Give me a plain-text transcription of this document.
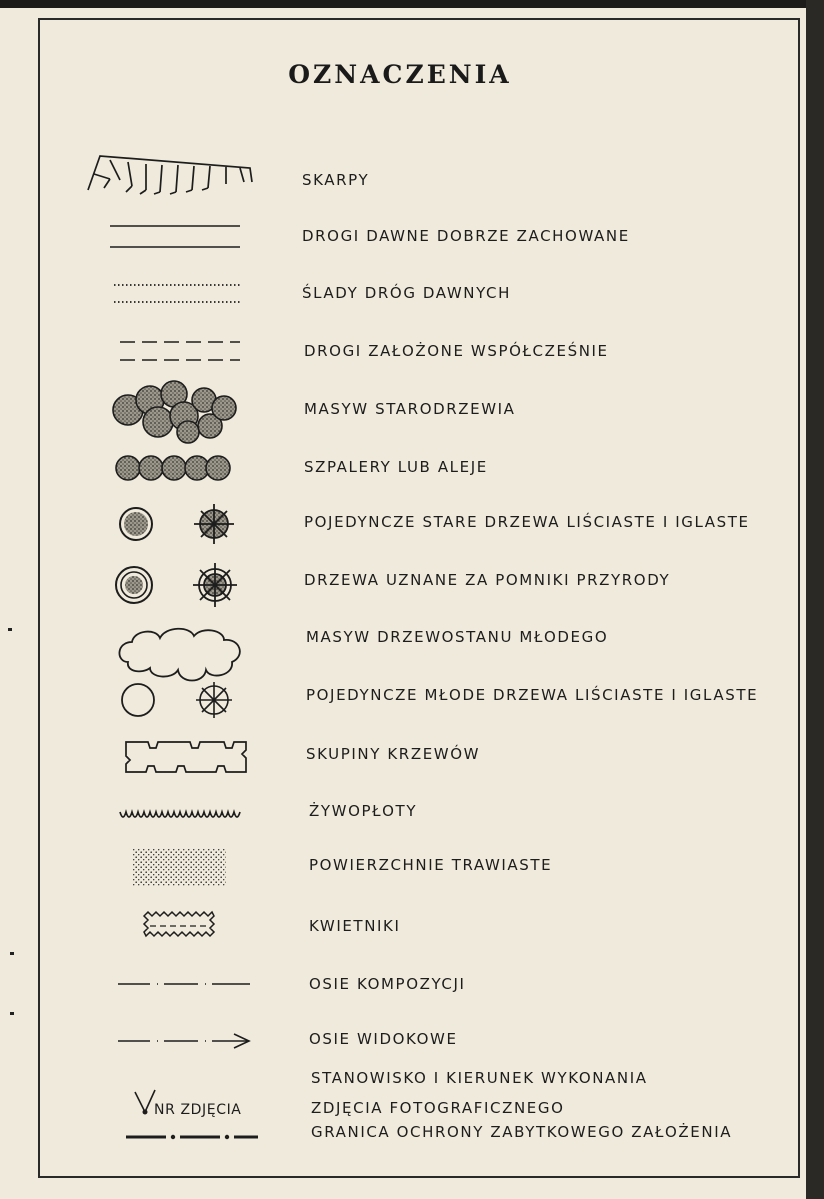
OZNACZENIA
SKARPY
DROGI DAWNE DOBRZE ZACHOWANE
ŚLADY DRÓG DAWNYCH
DROGI ZAŁOŻONE WSPÓŁCZEŚNIE
MASYW STARODRZEWIA
SZPALERY LUB ALEJE
POJEDYNCZE STARE DRZEWA LIŚCIASTE I IGLASTE
DRZEWA UZNANE ZA POMNIKI PRZYRODY
MASYW DRZEWOSTANU MŁODEGO
POJEDYNCZE MŁODE DRZEWA LIŚCIASTE I IGLASTE
SKUPINY KRZEWÓW
ŻYWOPŁOTY
POWIERZCHNIE TRAWIASTE
KWIETNIKI
OSIE KOMPOZYCJI
OSIE WIDOKOWE
STANOWISKO I KIERUNEK WYKONANIA
ZDJĘCIA FOTOGRAFICZNEGO
GRANICA OCHRONY ZABYTKOWEGO ZAŁOŻENIA
NR ZDJĘCIA
